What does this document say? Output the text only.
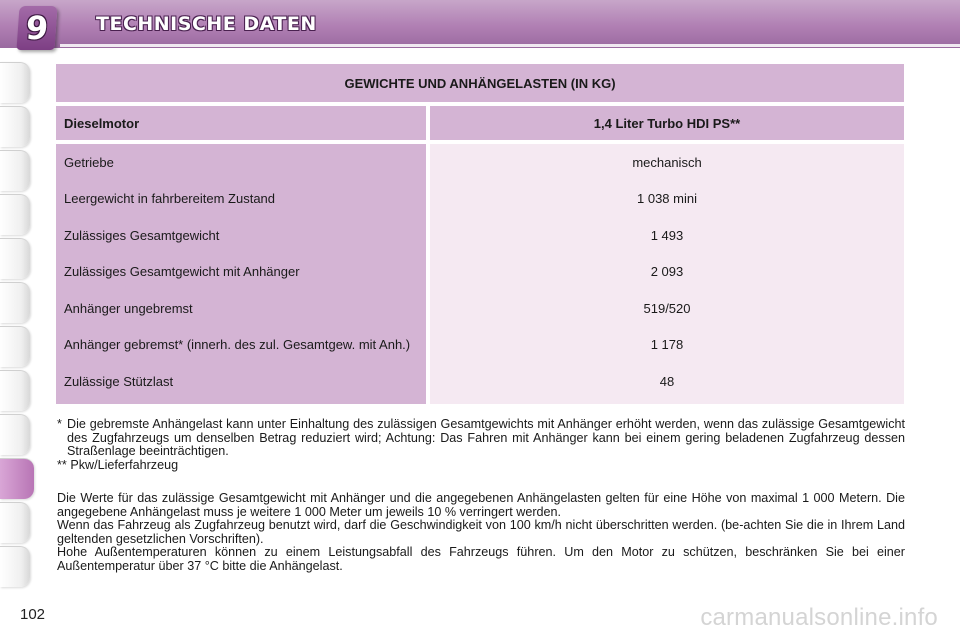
9 TECHNISCHE DATEN
GEWICHTE UND ANHÄNGELASTEN (IN KG)
Dieselmotor	1,4 Liter Turbo HDI PS**
Getriebe
Leergewicht in fahrbereitem Zustand
Zulässiges Gesamtgewicht
Zulässiges Gesamtgewicht mit Anhänger
Anhänger ungebremst
Anhänger gebremst* (innerh. des zul. Gesamtgew. mit Anh.)
Zulässige Stützlast
mechanisch
1 038 mini
1 493
2 093
519/520
1 178
48
* Die gebremste Anhängelast kann unter Einhaltung des zulässigen Gesamtgewichts mit Anhänger erhöht werden, wenn das zulässige Gesamtgewicht des Zugfahrzeugs um denselben Betrag reduziert wird; Achtung: Das Fahren mit Anhänger kann bei einem gering beladenen Zugfahrzeug dessen Straßenlage beeinträchtigen.
**
Pkw/Lieferfahrzeug

Die Werte für das zulässige Gesamtgewicht mit Anhänger und die angegebenen Anhängelasten gelten für eine Höhe von maximal 1 000 Metern. Die angegebene Anhängelast muss je weitere 1 000 Meter um jeweils 10 % verringert werden.

Wenn das Fahrzeug als Zugfahrzeug benutzt wird, darf die Geschwindigkeit von 100 km/h nicht überschritten werden. (be-achten Sie die in Ihrem Land geltenden gesetzlichen Vorschriften).

Hohe Außentemperaturen können zu einem Leistungsabfall des Fahrzeugs führen. Um den Motor zu schützen, beschränken Sie bei einer Außentemperatur über 37 °C bitte die Anhängelast.

102	carmanualsonline.info
